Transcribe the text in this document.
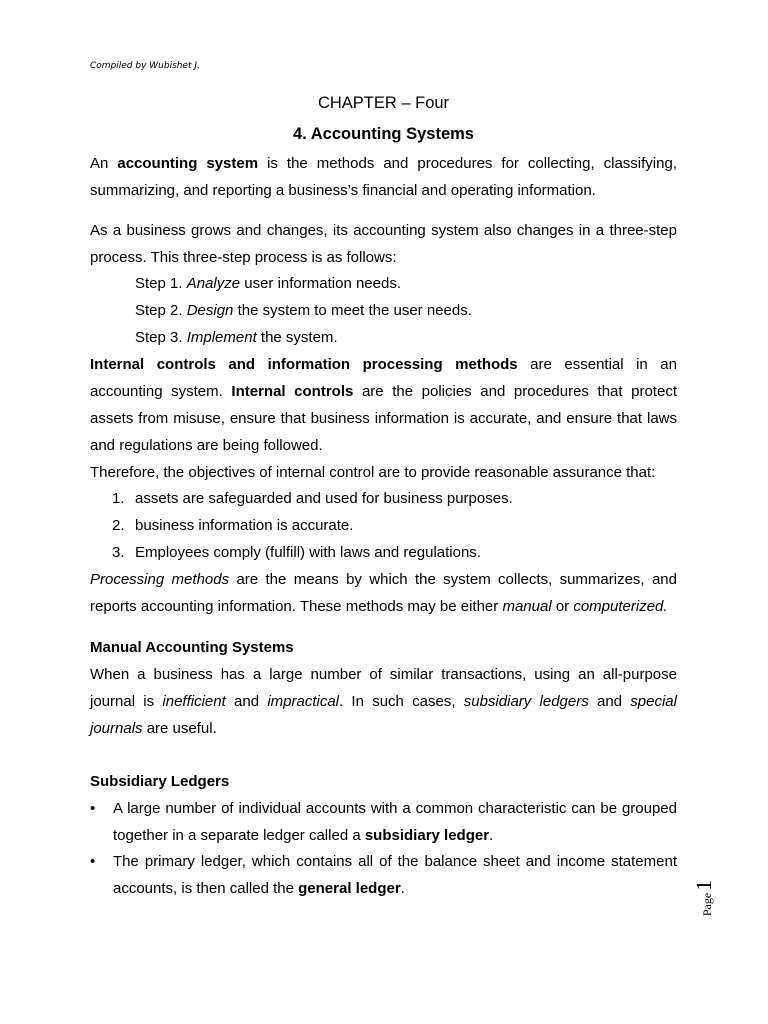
Compiled by Wubishet J.
CHAPTER – Four
4. Accounting Systems
An accounting system is the methods and procedures for collecting, classifying,
summarizing, and reporting a business’s financial and operating information.
As a business grows and changes, its accounting system also changes in a three-step
process. This three-step process is as follows:
Step 1. Analyze user information needs.
Step 2. Design the system to meet the user needs.
Step 3. Implement the system.
Internal controls and information processing methods are essential in an
accounting system. Internal controls are the policies and procedures that protect
assets from misuse, ensure that business information is accurate, and ensure that laws
and regulations are being followed.
Therefore, the objectives of internal control are to provide reasonable assurance that:
1. assets are safeguarded and used for business purposes.
2. business information is accurate.
3. Employees comply (fulfill) with laws and regulations.
Processing methods are the means by which the system collects, summarizes, and
reports accounting information. These methods may be either manual or computerized.
Manual Accounting Systems
When a business has a large number of similar transactions, using an all-purpose
journal is inefficient and impractical. In such cases, subsidiary ledgers and special
journals are useful.
Subsidiary Ledgers
• A large number of individual accounts with a common characteristic can be grouped
together in a separate ledger called a subsidiary ledger.
• The primary ledger, which contains all of the balance sheet and income statement
accounts, is then called the general ledger.
Page
1
